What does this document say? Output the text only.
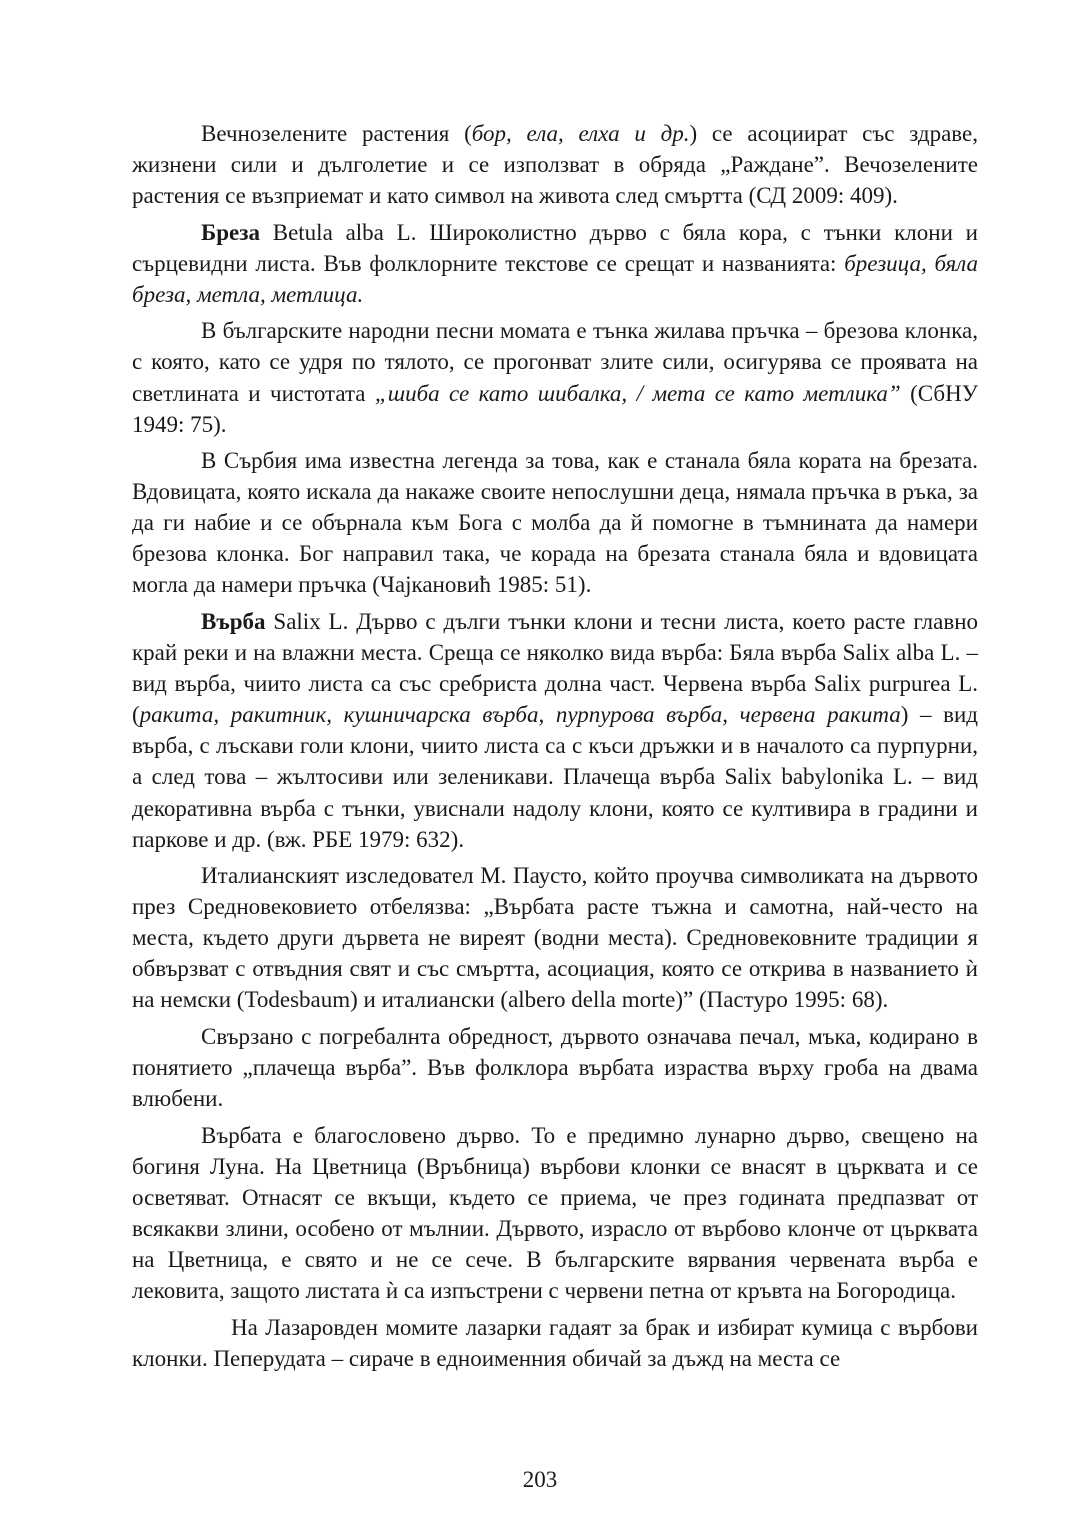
Вечнозелените растения (бор, ела, елха и др.) се асоциират със здраве, жизнени сили и дълголетие и се използват в обряда „Раждане”. Вечозелените растения се възприемат и като символ на живота след смъртта (СД 2009: 409).

Бреза Betula alba L. Широколистно дърво с бяла кора, с тънки клони и сърцевидни листа. Във фолклорните текстове се срещат и названията: брезица, бяла бреза, метла, метлица.

В българските народни песни момата е тънка жилава пръчка – брезова клонка, с която, като се удря по тялото, се прогонват злите сили, осигурява се проявата на светлината и чистотата „шиба се като шибалка, / мета се като метлика” (СбНУ 1949: 75).

В Сърбия има известна легенда за това, как е станала бяла кората на брезата. Вдовицата, която искала да накаже своите непослушни деца, нямала пръчка в ръка, за да ги набие и се обърнала към Бога с молба да й помогне в тъмнината да намери брезова клонка. Бог направил така, че корада на брезата станала бяла и вдовицата могла да намери пръчка (Чајкановић 1985: 51).

Върба Salix L. Дърво с дълги тънки клони и тесни листа, което расте главно край реки и на влажни места. Среща се няколко вида върба: Бяла върба Salix alba L. – вид върба, чиито листа са със сребриста долна част. Червена върба Salix purpurea L. (ракита, ракитник, кушничарска върба, пурпурова върба, червена ракита) – вид върба, с лъскави голи клони, чиито листа са с къси дръжки и в началото са пурпурни, а след това – жълтосиви или зеленикави. Плачеща върба Salix babylonika L. – вид декоративна върба с тънки, увиснали надолу клони, която се култивира в градини и паркове и др. (вж. РБЕ 1979: 632).

Италианският изследовател М. Паусто, който проучва символиката на дървото през Средновековието отбелязва: „Върбата расте тъжна и самотна, най-често на места, където други дървета не виреят (водни места). Средновековните традиции я обвързват с отвъдния свят и със смъртта, асоциация, която се открива в названието ѝ на немски (Todesbaum) и италиански (albero della morte)” (Пастуро 1995: 68).

Свързано с погребалнта обредност, дървото означава печал, мъка, кодирано в понятието „плачеща върба”. Във фолклора върбата израства върху гроба на двама влюбени.

Върбата е благословено дърво. То е предимно лунарно дърво, свещено на богиня Луна. На Цветница (Връбница) върбови клонки се внасят в църквата и се осветяват. Отнасят се вкъщи, където се приема, че през годината предпазват от всякакви злини, особено от мълнии. Дървото, израсло от върбово клонче от църквата на Цветница, е свято и не се сече. В българските вярвания червената върба е лековита, защото листата ѝ са изпъстрени с червени петна от кръвта на Богородица.

На Лазаровден момите лазарки гадаят за брак и избират кумица с върбови клонки. Пеперудата – сираче в едноименния обичай за дъжд на места се

203
